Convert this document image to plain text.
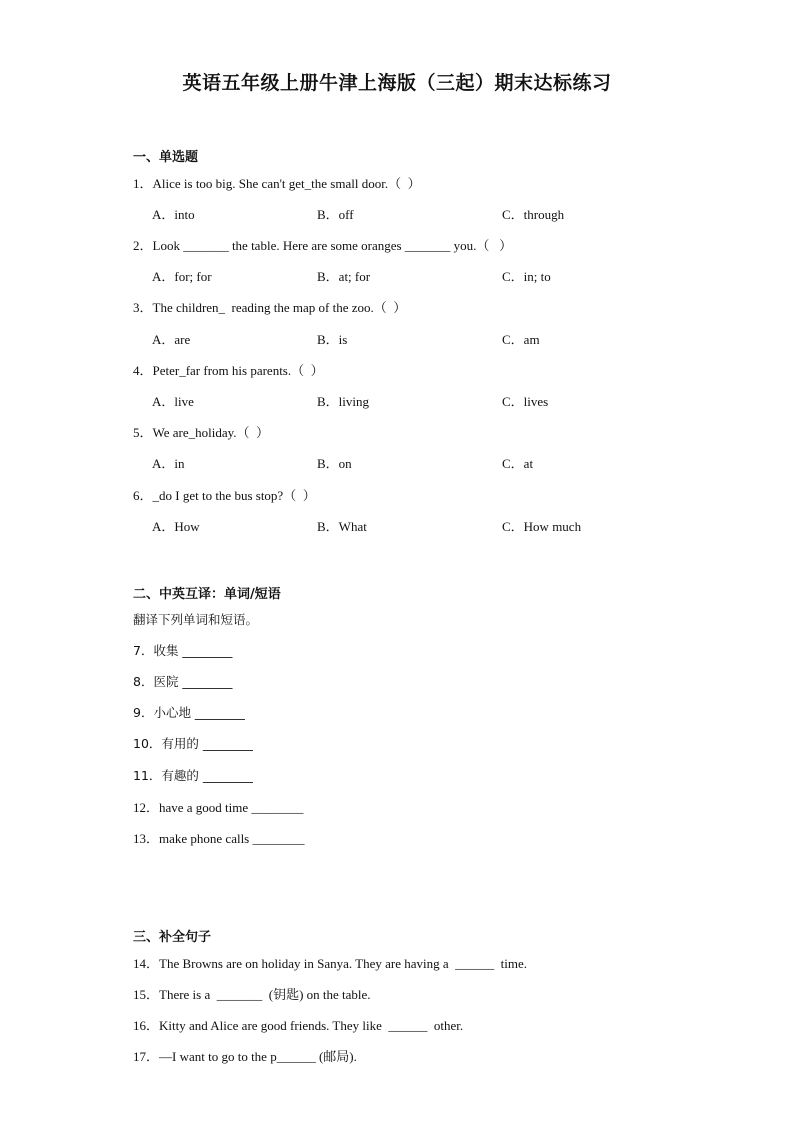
英语五年级上册牛津上海版（三起）期末达标练习
一、单选题
1．Alice is too big. She can't get_the small door.（  ）
A．into	B．off	C．through
2．Look _______ the table. Here are some oranges _______ you.（   ）
A．for; for	B．at; for	C．in; to
3．The children_  reading the map of the zoo.（  ）
A．are	B．is	C．am
4．Peter_far from his parents.（  ）
A．live	B．living	C．lives
5．We are_holiday.（  ）
A．in	B．on	C．at
6．_do I get to the bus stop?（  ）
A．How	B．What	C．How much
二、中英互译：单词/短语
翻译下列单词和短语。
7．收集 ________
8．医院 ________
9．小心地 ________
10．有用的 ________
11．有趣的 ________
12．have a good time ________
13．make phone calls ________
三、补全句子
14．The Browns are on holiday in Sanya. They are having a  ______  time.
15．There is a  _______  (钥匙) on the table.
16．Kitty and Alice are good friends. They like  ______  other.
17．—I want to go to the p______ (邮局).
